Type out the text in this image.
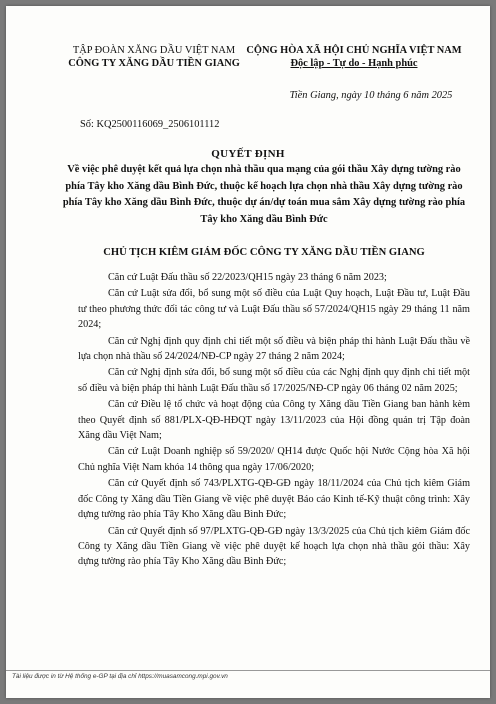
TẬP ĐOÀN XĂNG DẦU VIỆT NAM
CÔNG TY XĂNG DẦU TIỀN GIANG
CỘNG HÒA XÃ HỘI CHỦ NGHĨA VIỆT NAM
Độc lập - Tự do - Hạnh phúc
Tiền Giang, ngày 10 tháng 6 năm 2025
Số: KQ2500116069_2506101112
QUYẾT ĐỊNH
Về việc phê duyệt kết quả lựa chọn nhà thầu qua mạng của gói thầu Xây dựng tường rào phía Tây kho Xăng dầu Bình Đức, thuộc kế hoạch lựa chọn nhà thầu Xây dựng tường rào phía Tây kho Xăng dầu Bình Đức, thuộc dự án/dự toán mua sắm Xây dựng tường rào phía Tây kho Xăng dầu Bình Đức
CHỦ TỊCH KIÊM GIÁM ĐỐC CÔNG TY XĂNG DẦU TIỀN GIANG

Căn cứ Luật Đấu thầu số 22/2023/QH15 ngày 23 tháng 6 năm 2023;

Căn cứ Luật sửa đổi, bổ sung một số điều của Luật Quy hoạch, Luật Đầu tư, Luật Đầu tư theo phương thức đối tác công tư và Luật Đấu thầu số 57/2024/QH15 ngày 29 tháng 11 năm 2024;

Căn cứ Nghị định quy định chi tiết một số điều và biện pháp thi hành Luật Đấu thầu về lựa chọn nhà thầu số 24/2024/NĐ-CP ngày 27 tháng 2 năm 2024;

Căn cứ Nghị định sửa đổi, bổ sung một số điều của các Nghị định quy định chi tiết một số điều và biện pháp thi hành Luật Đấu thầu số 17/2025/NĐ-CP ngày 06 tháng 02 năm 2025;

Căn cứ Điều lệ tổ chức và hoạt động của Công ty Xăng dầu Tiền Giang ban hành kèm theo Quyết định số 881/PLX-QĐ-HĐQT ngày 13/11/2023 của Hội đồng quản trị Tập đoàn Xăng dầu Việt Nam;

Căn cứ Luật Doanh nghiệp số 59/2020/ QH14 được Quốc hội Nước Cộng hòa Xã hội Chủ nghĩa Việt Nam khóa 14 thông qua ngày 17/06/2020;

Căn cứ Quyết định số 743/PLXTG-QĐ-GĐ ngày 18/11/2024 của Chủ tịch kiêm Giám đốc Công ty Xăng dầu Tiền Giang về việc phê duyệt Báo cáo Kinh tế-Kỹ thuật công trình: Xây dựng tường rào phía Tây Kho Xăng dầu Bình Đức;

Căn cứ Quyết định số 97/PLXTG-QĐ-GĐ ngày 13/3/2025 của Chủ tịch kiêm Giám đốc Công ty Xăng dầu Tiền Giang về việc phê duyệt kế hoạch lựa chọn nhà thầu gói thầu: Xây dựng tường rào phía Tây Kho Xăng dầu Bình Đức;

Tài liệu được in từ Hệ thống e-GP tại địa chỉ https://muasamcong.mpi.gov.vn
